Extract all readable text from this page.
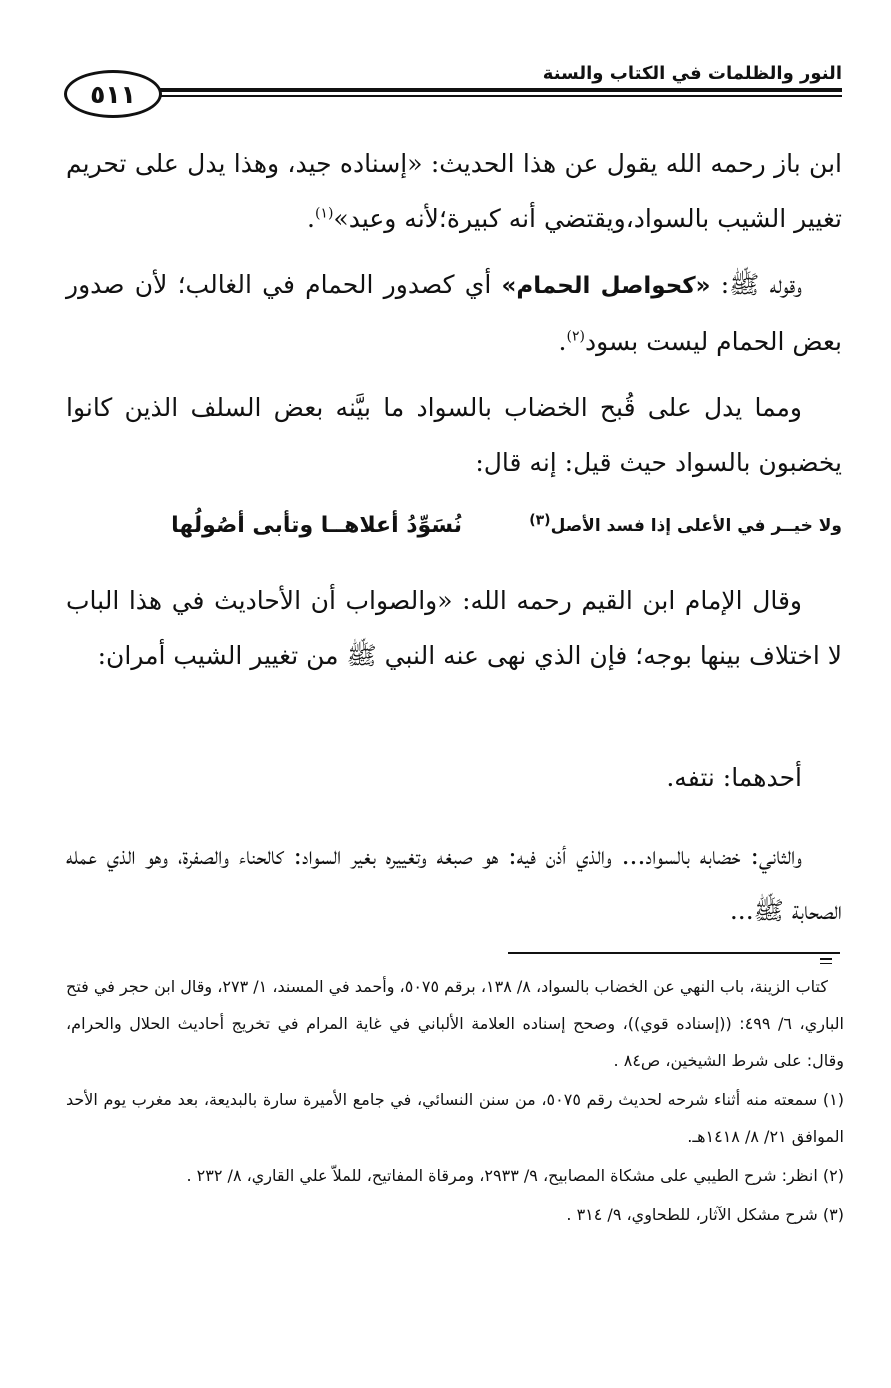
٥١١
النور والظلمات في الكتاب والسنة

ابن باز رحمه الله يقول عن هذا الحديث: «إسناده جيد، وهذا يدل على تحريم تغيير الشيب بالسواد،ويقتضي أنه كبيرة؛لأنه وعيد»$^{(١)}$.

وقوله ﷺ: «كحواصل الحمام» أي كصدور الحمام في الغالب؛ لأن صدور بعض الحمام ليست بسود$^{(٢)}$.

ومما يدل على قُبح الخضاب بالسواد ما بيَّنه بعض السلف الذين كانوا يخضبون بالسواد حيث قيل: إنه قال:

ولا خيــر في الأعلى إذا فسد الأصل$^{(٣)}$
نُسَوِّدُ أعلاهــا وتأبى أصُولُها

وقال الإمام ابن القيم رحمه الله: «والصواب أن الأحاديث في هذا الباب لا اختلاف بينها بوجه؛ فإن الذي نهى عنه النبي ﷺ من تغيير الشيب أمران:

أحدهما: نتفه.

والثاني: خضابه بالسواد... والذي أذن فيه: هو صبغه وتغييره بغير السواد: كالحناء والصفرة، وهو الذي عمله الصحابة ﷺ...

كتاب الزينة، باب النهي عن الخضاب بالسواد، ٨/ ١٣٨، برقم ٥٠٧٥، وأحمد في المسند، ١/ ٢٧٣، وقال ابن حجر في فتح الباري، ٦/ ٤٩٩: ((إسناده قوي))، وصحح إسناده العلامة الألباني في غاية المرام في تخريج أحاديث الحلال والحرام، وقال: على شرط الشيخين، ص٨٤ .

(١) سمعته منه أثناء شرحه لحديث رقم ٥٠٧٥، من سنن النسائي، في جامع الأميرة سارة بالبديعة، بعد مغرب يوم الأحد الموافق ٢١/ ٨/ ١٤١٨هـ.

(٢) انظر: شرح الطيبي على مشكاة المصابيح، ٩/ ٢٩٣٣، ومرقاة المفاتيح، للملاّ علي القاري، ٨/ ٢٣٢ .

(٣) شرح مشكل الآثار، للطحاوي، ٩/ ٣١٤ .
